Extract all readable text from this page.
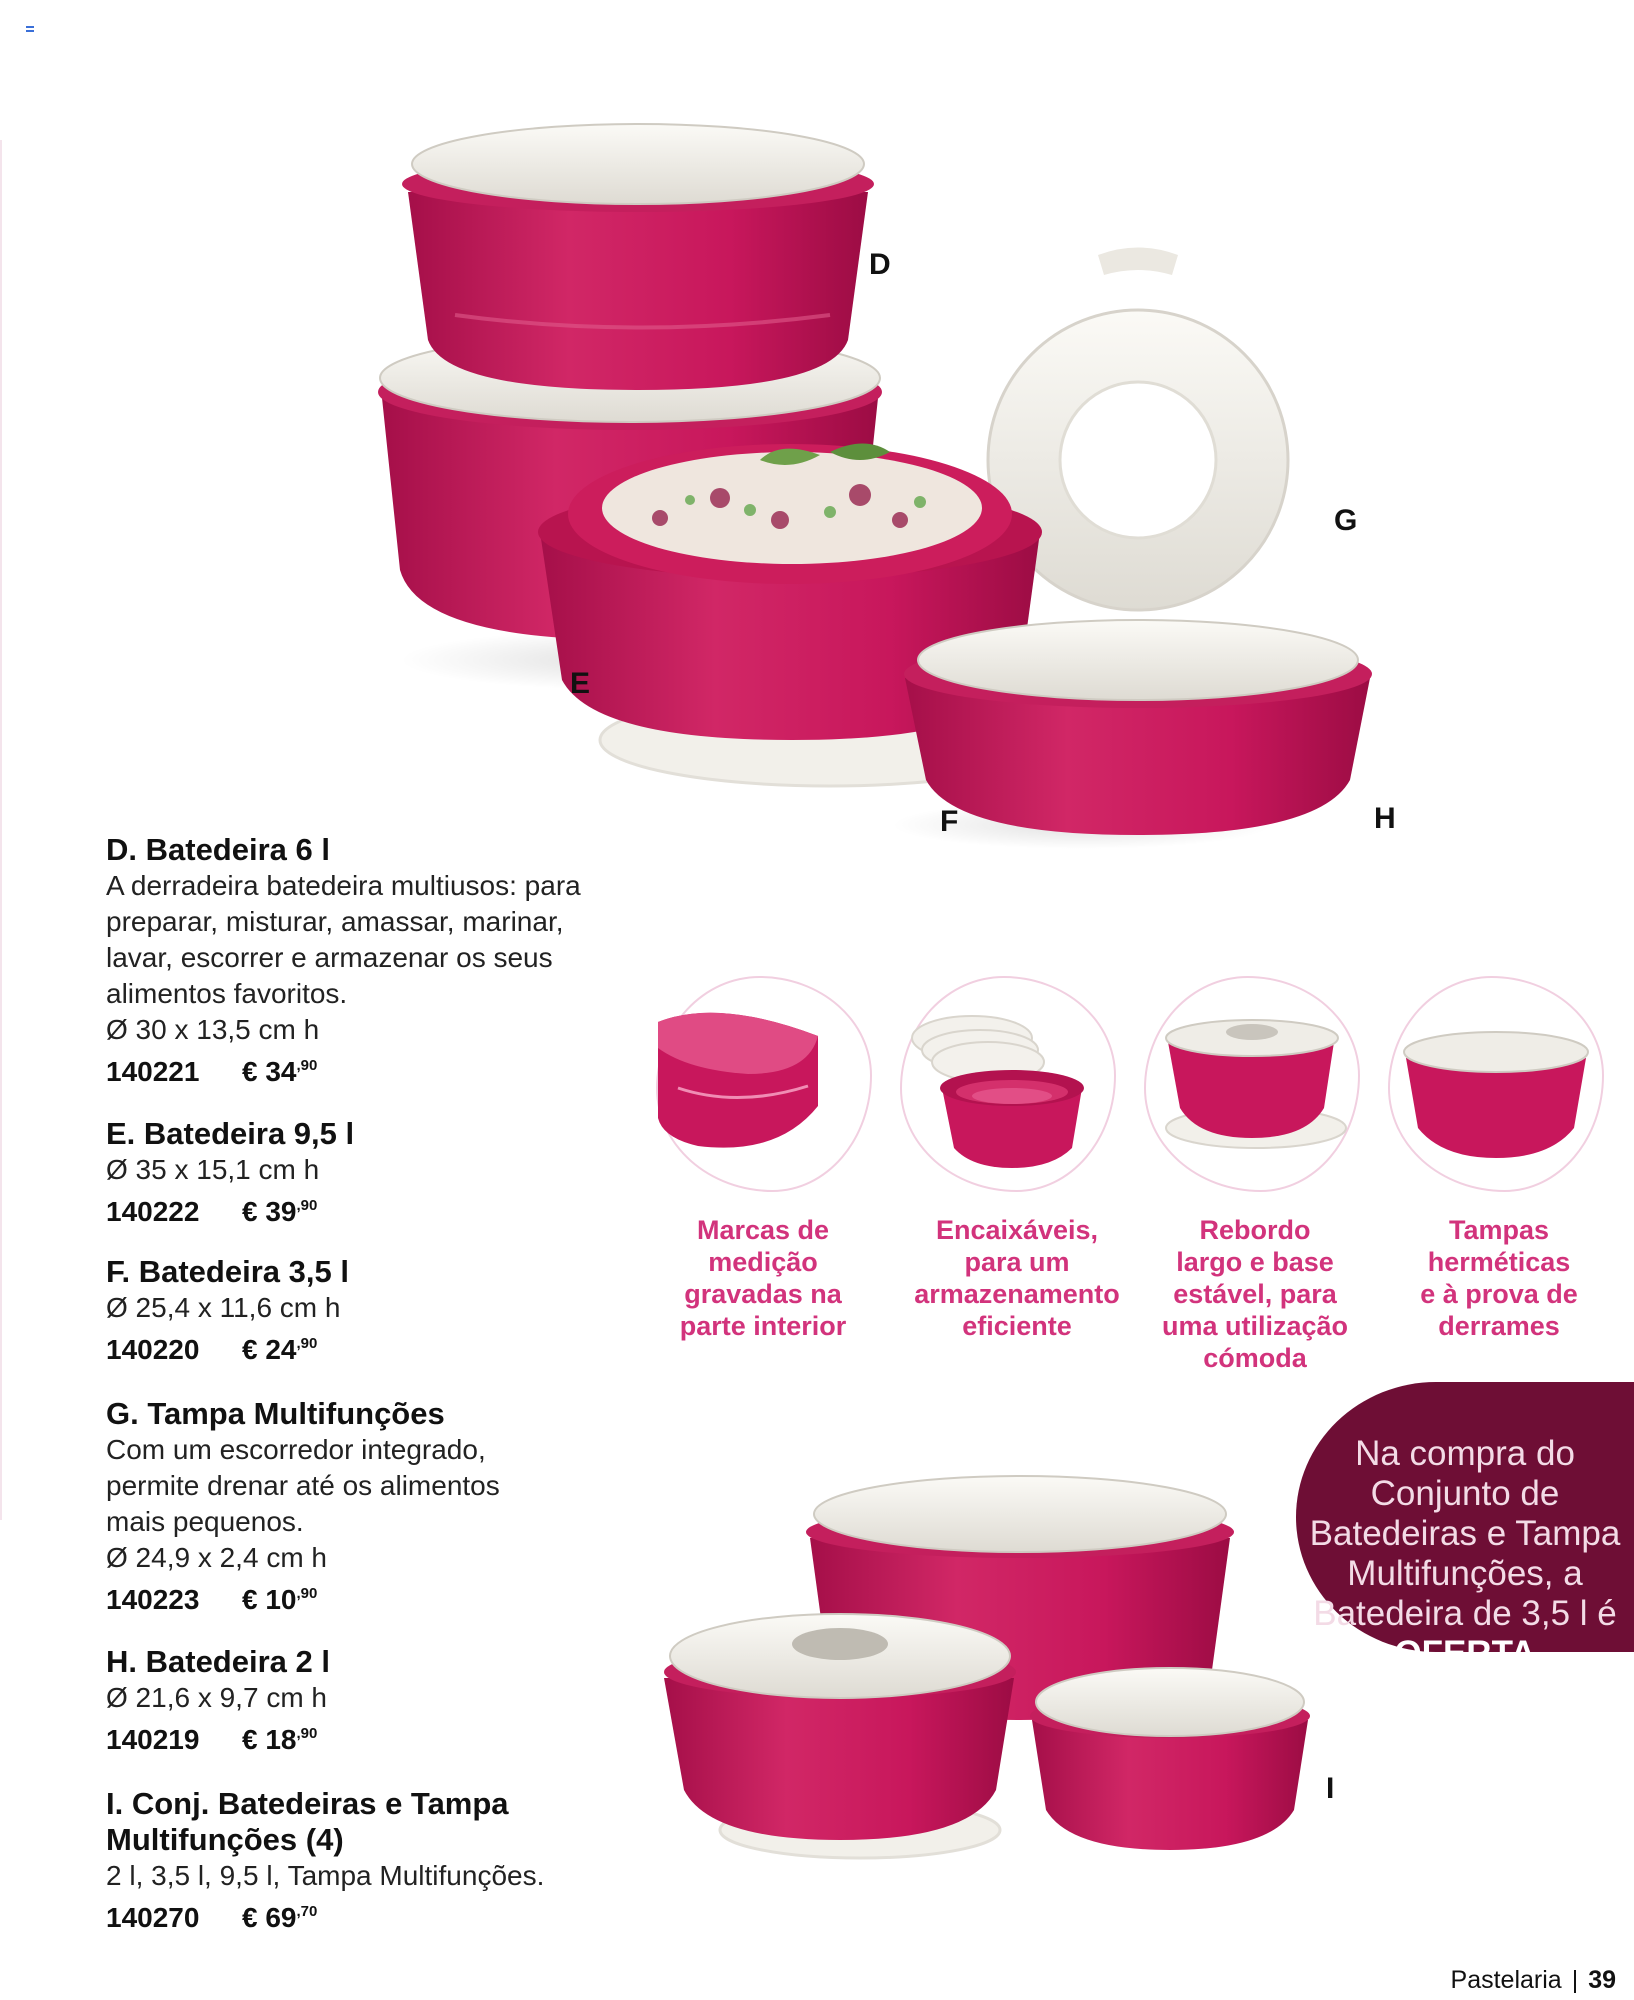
D
E
F
G
H
D. Batedeira 6 l
A derradeira batedeira multiusos: para
preparar, misturar, amassar, marinar,
lavar, escorrer e armazenar os seus
alimentos favoritos.
Ø 30 x 13,5 cm h
140221 € $34^{,90}$
E. Batedeira 9,5 l
Ø 35 x 15,1 cm h
140222 € $39^{,90}$
F. Batedeira 3,5 l
Ø 25,4 x 11,6 cm h
140220 € $24^{,90}$
G. Tampa Multifunções
Com um escorredor integrado,
permite drenar até os alimentos
mais pequenos.
Ø 24,9 x 2,4 cm h
140223 € $10^{,90}$
H. Batedeira 2 l
Ø 21,6 x 9,7 cm h
140219 € $18^{,90}$
I. Conj. Batedeiras e Tampa
Multifunções (4)
2 l, 3,5 l, 9,5 l, Tampa Multifunções.
140270 € $69^{,70}$
Marcas de
medição
gravadas na
parte interior
Encaixáveis,
para um
armazenamento
eficiente
Rebordo
largo e base
estável, para
uma utilização
cómoda
Tampas
herméticas
e à prova de
derrames
Na compra do
Conjunto de
Batedeiras e Tampa
Multifunções, a
Batedeira de 3,5 l é
OFERTA
I
Pastelaria | 39
